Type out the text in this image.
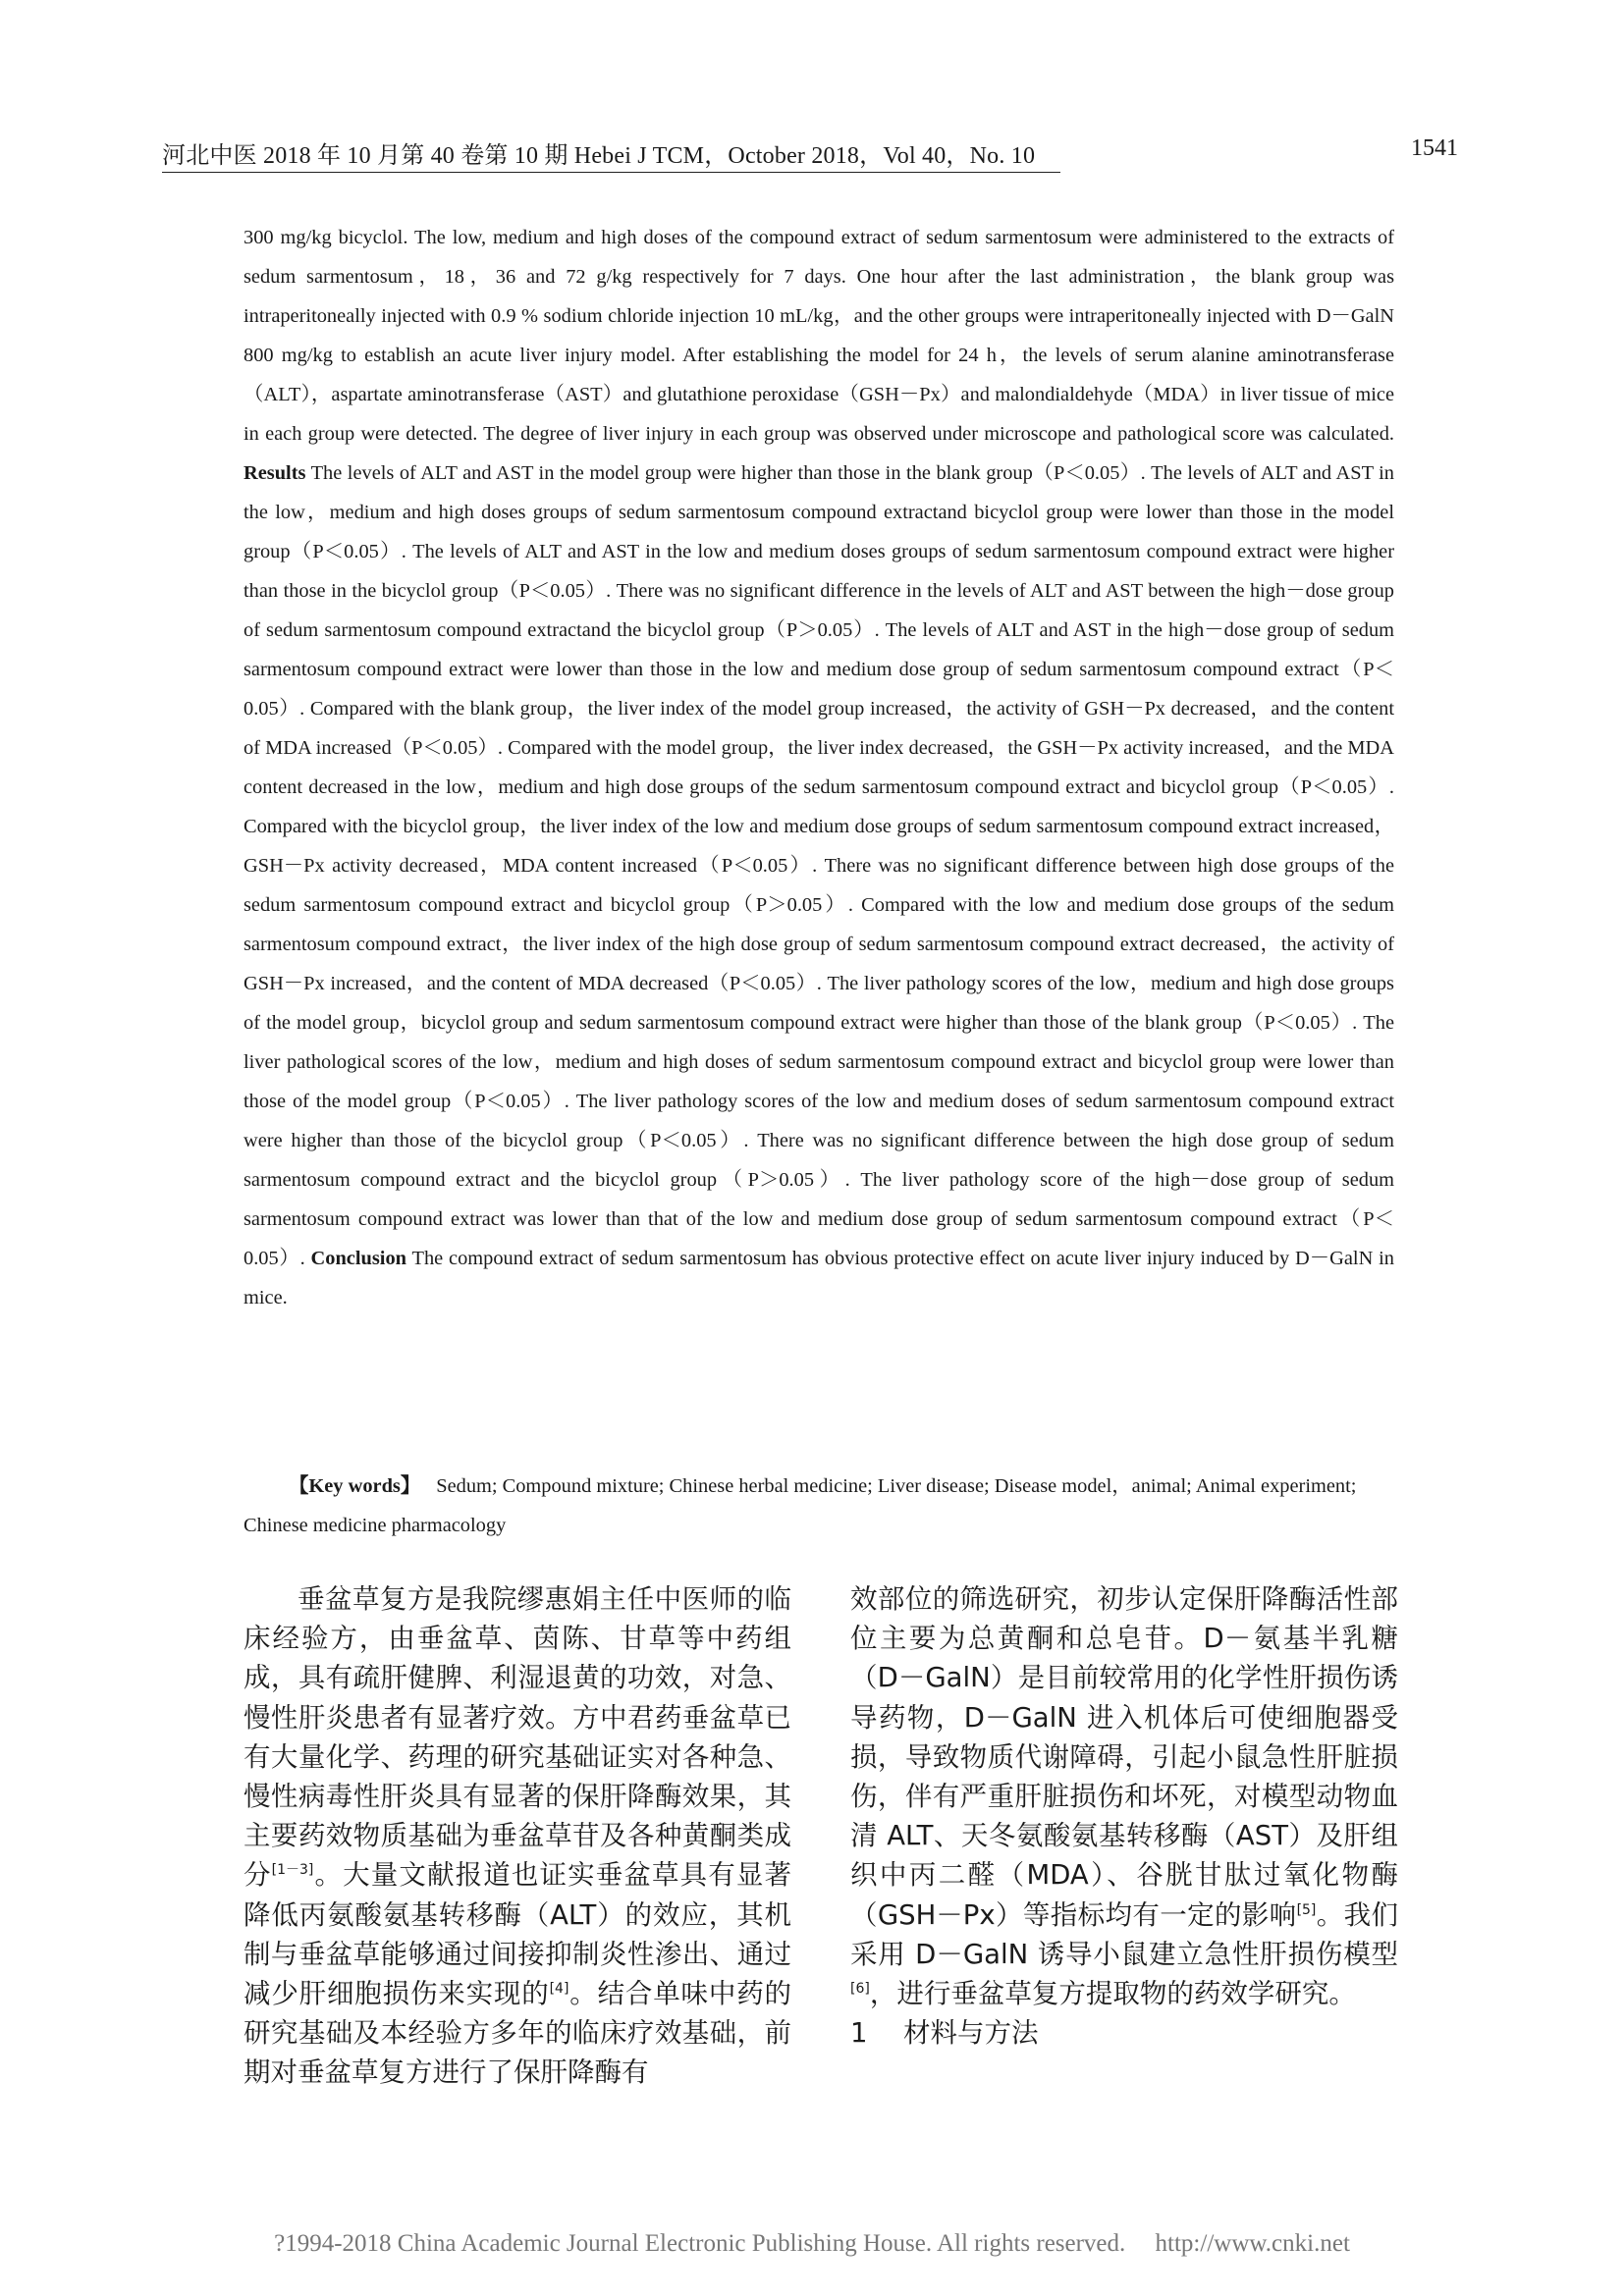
河北中医 2018 年 10 月第 40 卷第 10 期 Hebei J TCM，October 2018，Vol 40，No. 10	1541

300 mg/kg bicyclol. The low, medium and high doses of the compound extract of sedum sarmentosum were administered to the extracts of sedum sarmentosum，18，36 and 72 g/kg respectively for 7 days. One hour after the last administration，the blank group was intraperitoneally injected with 0.9 % sodium chloride injection 10 mL/kg，and the other groups were intraperitoneally injected with D－GalN 800 mg/kg to establish an acute liver injury model. After establishing the model for 24 h，the levels of serum alanine aminotransferase（ALT），aspartate aminotransferase（AST）and glutathione peroxidase（GSH－Px）and malondialdehyde（MDA）in liver tissue of mice in each group were detected. The degree of liver injury in each group was observed under microscope and pathological score was calculated. Results The levels of ALT and AST in the model group were higher than those in the blank group（P＜0.05）. The levels of ALT and AST in the low，medium and high doses groups of sedum sarmentosum compound extractand bicyclol group were lower than those in the model group（P＜0.05）. The levels of ALT and AST in the low and medium doses groups of sedum sarmentosum compound extract were higher than those in the bicyclol group（P＜0.05）. There was no significant difference in the levels of ALT and AST between the high－dose group of sedum sarmentosum compound extractand the bicyclol group（P＞0.05）. The levels of ALT and AST in the high－dose group of sedum sarmentosum compound extract were lower than those in the low and medium dose group of sedum sarmentosum compound extract（P＜0.05）. Compared with the blank group，the liver index of the model group increased，the activity of GSH－Px decreased，and the content of MDA increased（P＜0.05）. Compared with the model group，the liver index decreased，the GSH－Px activity increased，and the MDA content decreased in the low，medium and high dose groups of the sedum sarmentosum compound extract and bicyclol group（P＜0.05）. Compared with the bicyclol group，the liver index of the low and medium dose groups of sedum sarmentosum compound extract increased，GSH－Px activity decreased，MDA content increased（P＜0.05）. There was no significant difference between high dose groups of the sedum sarmentosum compound extract and bicyclol group（P＞0.05）. Compared with the low and medium dose groups of the sedum sarmentosum compound extract，the liver index of the high dose group of sedum sarmentosum compound extract decreased，the activity of GSH－Px increased，and the content of MDA decreased（P＜0.05）. The liver pathology scores of the low，medium and high dose groups of the model group，bicyclol group and sedum sarmentosum compound extract were higher than those of the blank group（P＜0.05）. The liver pathological scores of the low，medium and high doses of sedum sarmentosum compound extract and bicyclol group were lower than those of the model group（P＜0.05）. The liver pathology scores of the low and medium doses of sedum sarmentosum compound extract were higher than those of the bicyclol group（P＜0.05）. There was no significant difference between the high dose group of sedum sarmentosum compound extract and the bicyclol group（P＞0.05）. The liver pathology score of the high－dose group of sedum sarmentosum compound extract was lower than that of the low and medium dose group of sedum sarmentosum compound extract（P＜0.05）. Conclusion The compound extract of sedum sarmentosum has obvious protective effect on acute liver injury induced by D－GalN in mice.

【Key words】 Sedum; Compound mixture; Chinese herbal medicine; Liver disease; Disease model，animal; Animal experiment; Chinese medicine pharmacology

垂盆草复方是我院缪惠娟主任中医师的临床经验方，由垂盆草、茵陈、甘草等中药组成，具有疏肝健脾、利湿退黄的功效，对急、慢性肝炎患者有显著疗效。方中君药垂盆草已有大量化学、药理的研究基础证实对各种急、慢性病毒性肝炎具有显著的保肝降酶效果，其主要药效物质基础为垂盆草苷及各种黄酮类成分[1－3]。大量文献报道也证实垂盆草具有显著降低丙氨酸氨基转移酶（ALT）的效应，其机制与垂盆草能够通过间接抑制炎性渗出、通过减少肝细胞损伤来实现的[4]。结合单味中药的研究基础及本经验方多年的临床疗效基础，前期对垂盆草复方进行了保肝降酶有

效部位的筛选研究，初步认定保肝降酶活性部位主要为总黄酮和总皂苷。D－氨基半乳糖（D－GalN）是目前较常用的化学性肝损伤诱导药物，D－GalN 进入机体后可使细胞器受损，导致物质代谢障碍，引起小鼠急性肝脏损伤，伴有严重肝脏损伤和坏死，对模型动物血清 ALT、天冬氨酸氨基转移酶（AST）及肝组织中丙二醛（MDA）、谷胱甘肽过氧化物酶（GSH－Px）等指标均有一定的影响[5]。我们采用 D－GalN 诱导小鼠建立急性肝损伤模型[6]，进行垂盆草复方提取物的药效学研究。

1 材料与方法

?1994-2018 China Academic Journal Electronic Publishing House. All rights reserved. http://www.cnki.net
